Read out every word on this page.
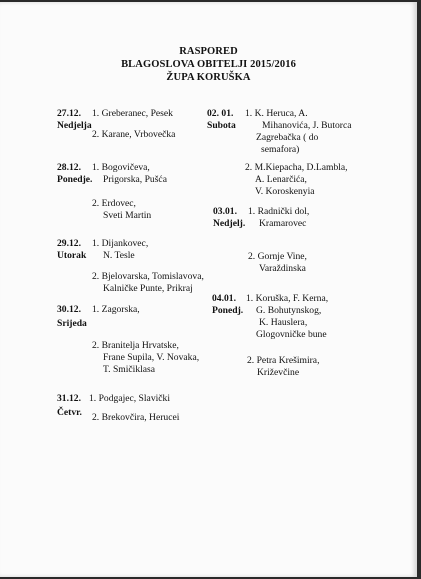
RASPORED
BLAGOSLOVA OBITELJI 2015/2016
ŽUPA KORUŠKA
27.12.
Nedjelja
1. Greberanec, Pesek
2. Karane, Vrbovečka
28.12.
Ponedje.
1. Bogovičeva,
Prigorska, Pušća
2. Erdovec,
Sveti Martin
29.12.
Utorak
1. Dijankovec,
N. Tesle
2. Bjelovarska, Tomislavova,
Kalničke Punte, Prikraj
30.12.
Srijeda
1. Zagorska,
2. Branitelja Hrvatske,
Frane Supila, V. Novaka,
T. Smičiklasa
31.12.
Četvr.
1. Podgajec, Slavički
2. Brekovčira, Herucei
02. 01.
Subota
1. K. Heruca, A.
Mihanovića, J. Butorca
Zagrebačka ( do
semafora)
2. M.Kiepacha, D.Lambla,
A. Lenarčića,
V. Koroskenyia
03.01.
Nedjelj.
1. Radnički dol,
Kramarovec
2. Gornje Vine,
Varaždinska
04.01.
Ponedj.
1. Koruška, F. Kerna,
G. Bohutynskog,
K. Hauslera,
Glogovničke bune
2. Petra Krešimira,
Križevčine
